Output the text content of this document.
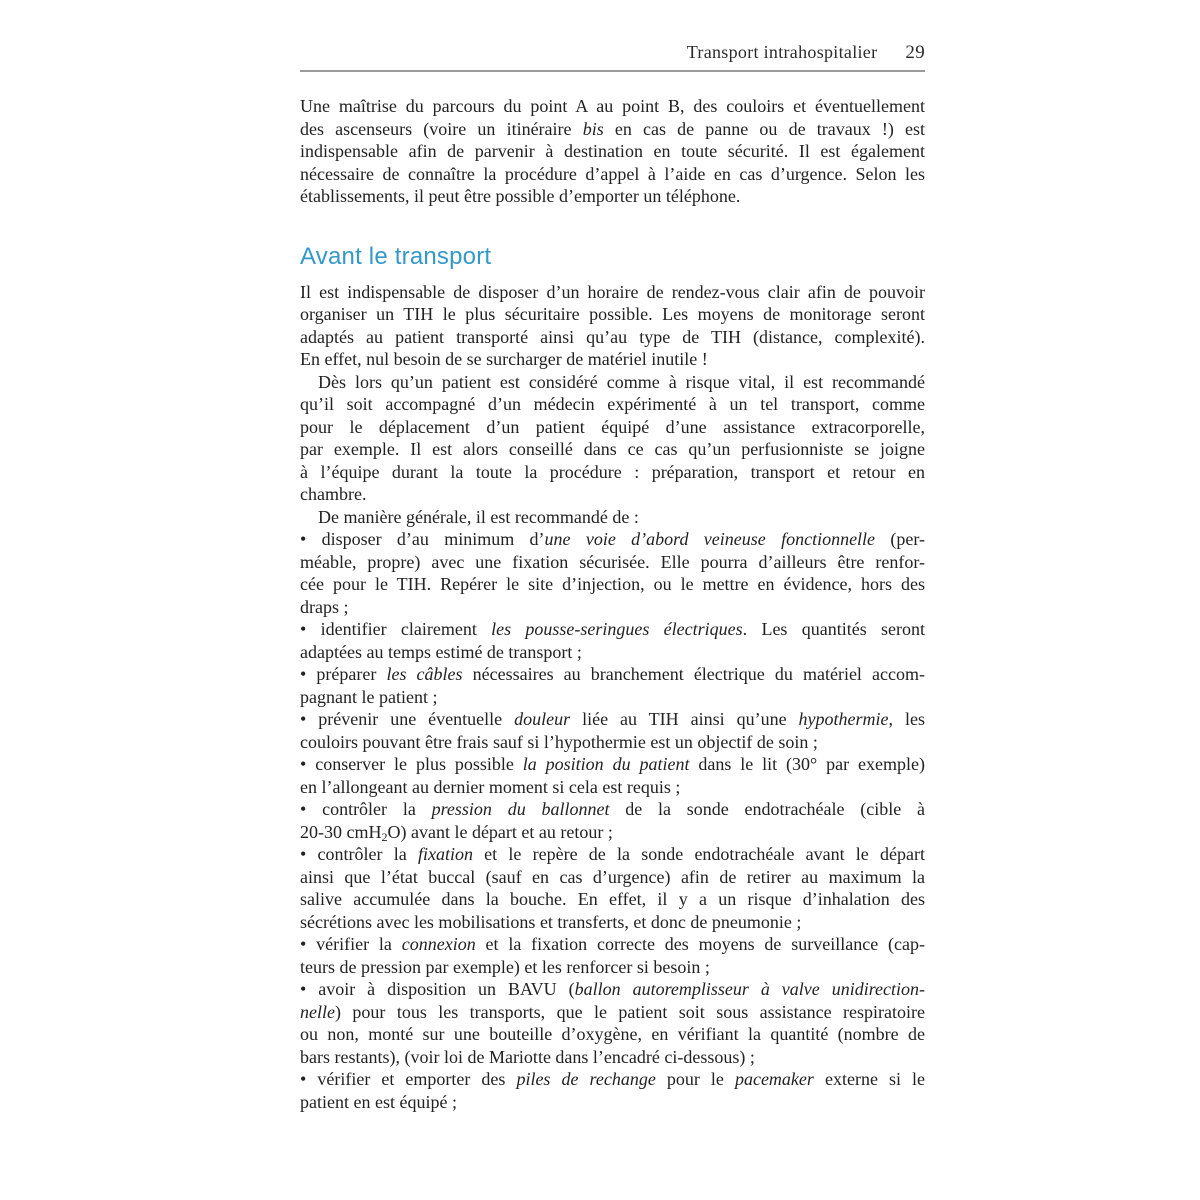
Transport intrahospitalier 29
Une maîtrise du parcours du point A au point B, des couloirs et éventuellement
des ascenseurs (voire un itinéraire bis en cas de panne ou de travaux !) est
indispensable afin de parvenir à destination en toute sécurité. Il est également
nécessaire de connaître la procédure d’appel à l’aide en cas d’urgence. Selon les
établissements, il peut être possible d’emporter un téléphone.
Avant le transport
Il est indispensable de disposer d’un horaire de rendez-vous clair afin de pouvoir
organiser un TIH le plus sécuritaire possible. Les moyens de monitorage seront
adaptés au patient transporté ainsi qu’au type de TIH (distance, complexité).
En effet, nul besoin de se surcharger de matériel inutile !
Dès lors qu’un patient est considéré comme à risque vital, il est recommandé
qu’il soit accompagné d’un médecin expérimenté à un tel transport, comme
pour le déplacement d’un patient équipé d’une assistance extracorporelle,
par exemple. Il est alors conseillé dans ce cas qu’un perfusionniste se joigne
à l’équipe durant la toute la procédure : préparation, transport et retour en
chambre.
De manière générale, il est recommandé de :
• disposer d’au minimum d’une voie d’abord veineuse fonctionnelle (per-
méable, propre) avec une fixation sécurisée. Elle pourra d’ailleurs être renfor-
cée pour le TIH. Repérer le site d’injection, ou le mettre en évidence, hors des
draps ;
• identifier clairement les pousse-seringues électriques. Les quantités seront
adaptées au temps estimé de transport ;
• préparer les câbles nécessaires au branchement électrique du matériel accom-
pagnant le patient ;
• prévenir une éventuelle douleur liée au TIH ainsi qu’une hypothermie, les
couloirs pouvant être frais sauf si l’hypothermie est un objectif de soin ;
• conserver le plus possible la position du patient dans le lit (30° par exemple)
en l’allongeant au dernier moment si cela est requis ;
• contrôler la pression du ballonnet de la sonde endotrachéale (cible à
20-30 cmH$_2$O) avant le départ et au retour ;
• contrôler la fixation et le repère de la sonde endotrachéale avant le départ
ainsi que l’état buccal (sauf en cas d’urgence) afin de retirer au maximum la
salive accumulée dans la bouche. En effet, il y a un risque d’inhalation des
sécrétions avec les mobilisations et transferts, et donc de pneumonie ;
• vérifier la connexion et la fixation correcte des moyens de surveillance (cap-
teurs de pression par exemple) et les renforcer si besoin ;
• avoir à disposition un BAVU (ballon autoremplisseur à valve unidirection-
nelle) pour tous les transports, que le patient soit sous assistance respiratoire
ou non, monté sur une bouteille d’oxygène, en vérifiant la quantité (nombre de
bars restants), (voir loi de Mariotte dans l’encadré ci-dessous) ;
• vérifier et emporter des piles de rechange pour le pacemaker externe si le
patient en est équipé ;
